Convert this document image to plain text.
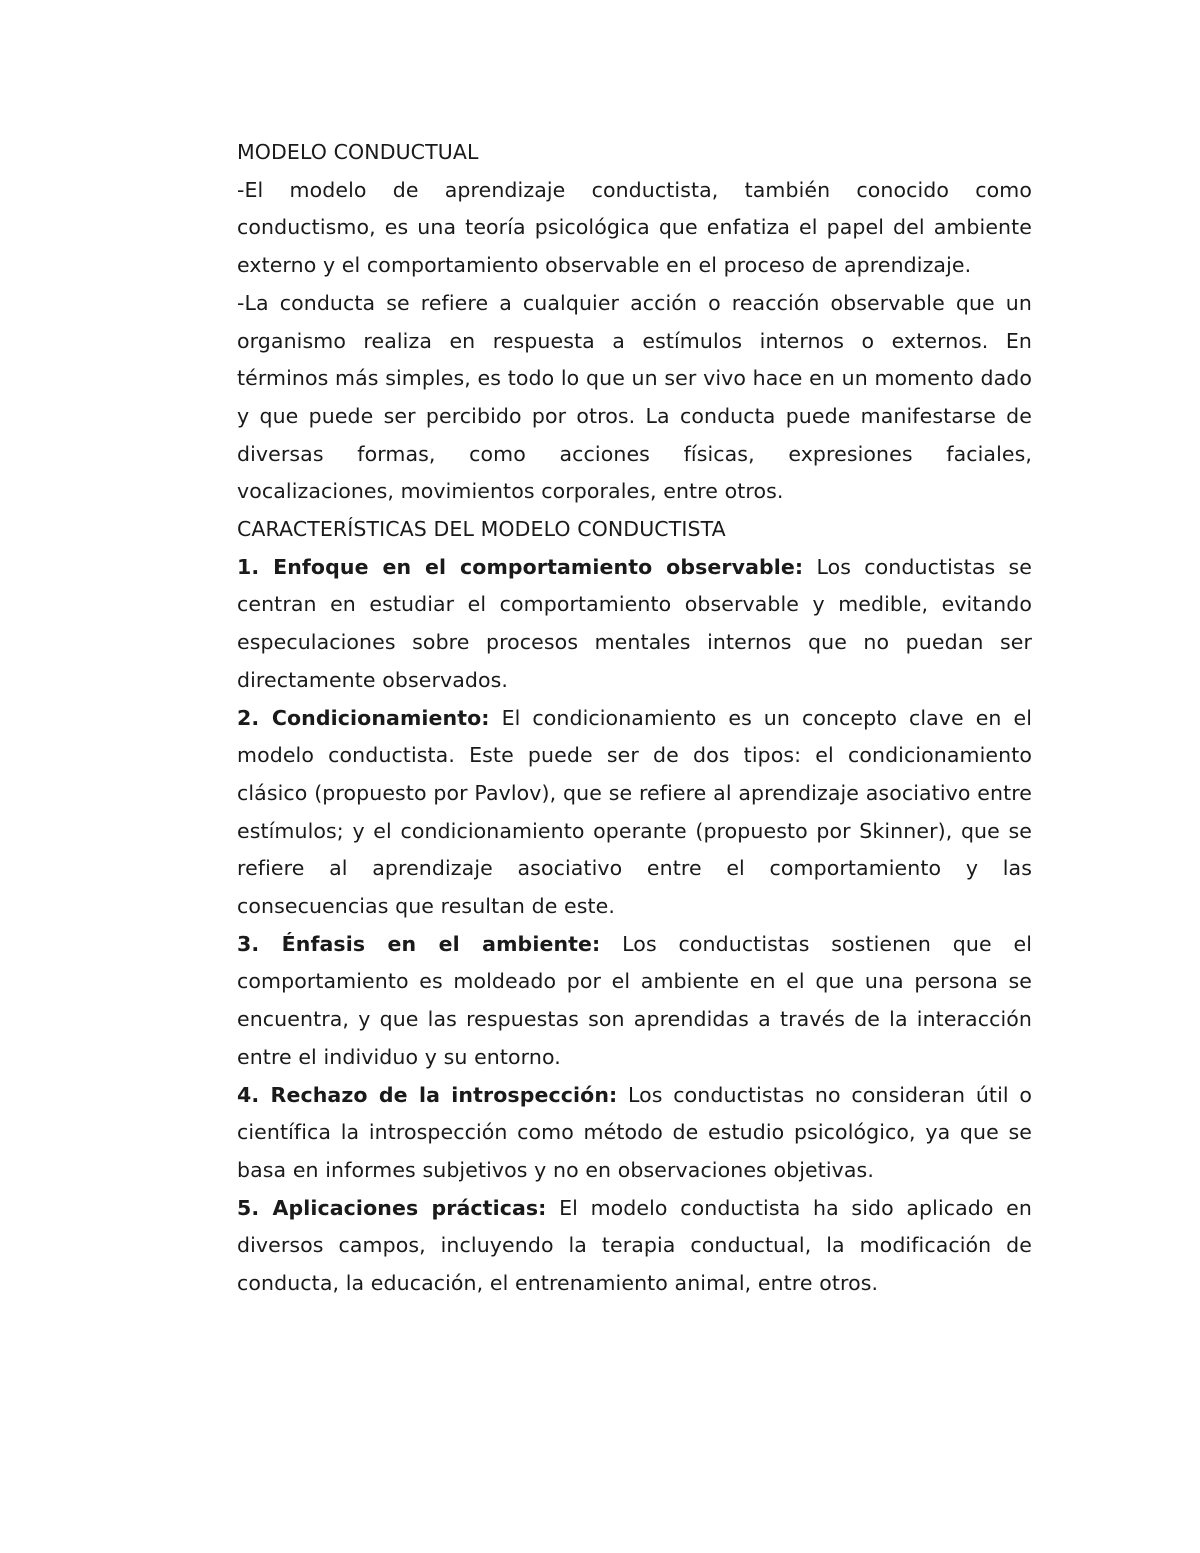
MODELO CONDUCTUAL

-El modelo de aprendizaje conductista, también conocido como conductismo, es una teoría psicológica que enfatiza el papel del ambiente externo y el comportamiento observable en el proceso de aprendizaje.

-La conducta se refiere a cualquier acción o reacción observable que un organismo realiza en respuesta a estímulos internos o externos. En términos más simples, es todo lo que un ser vivo hace en un momento dado y que puede ser percibido por otros. La conducta puede manifestarse de diversas formas, como acciones físicas, expresiones faciales, vocalizaciones, movimientos corporales, entre otros.

CARACTERÍSTICAS DEL MODELO CONDUCTISTA

1. Enfoque en el comportamiento observable: Los conductistas se centran en estudiar el comportamiento observable y medible, evitando especulaciones sobre procesos mentales internos que no puedan ser directamente observados.

2. Condicionamiento: El condicionamiento es un concepto clave en el modelo conductista. Este puede ser de dos tipos: el condicionamiento clásico (propuesto por Pavlov), que se refiere al aprendizaje asociativo entre estímulos; y el condicionamiento operante (propuesto por Skinner), que se refiere al aprendizaje asociativo entre el comportamiento y las consecuencias que resultan de este.

3. Énfasis en el ambiente: Los conductistas sostienen que el comportamiento es moldeado por el ambiente en el que una persona se encuentra, y que las respuestas son aprendidas a través de la interacción entre el individuo y su entorno.

4. Rechazo de la introspección: Los conductistas no consideran útil o científica la introspección como método de estudio psicológico, ya que se basa en informes subjetivos y no en observaciones objetivas.

5. Aplicaciones prácticas: El modelo conductista ha sido aplicado en diversos campos, incluyendo la terapia conductual, la modificación de conducta, la educación, el entrenamiento animal, entre otros.
